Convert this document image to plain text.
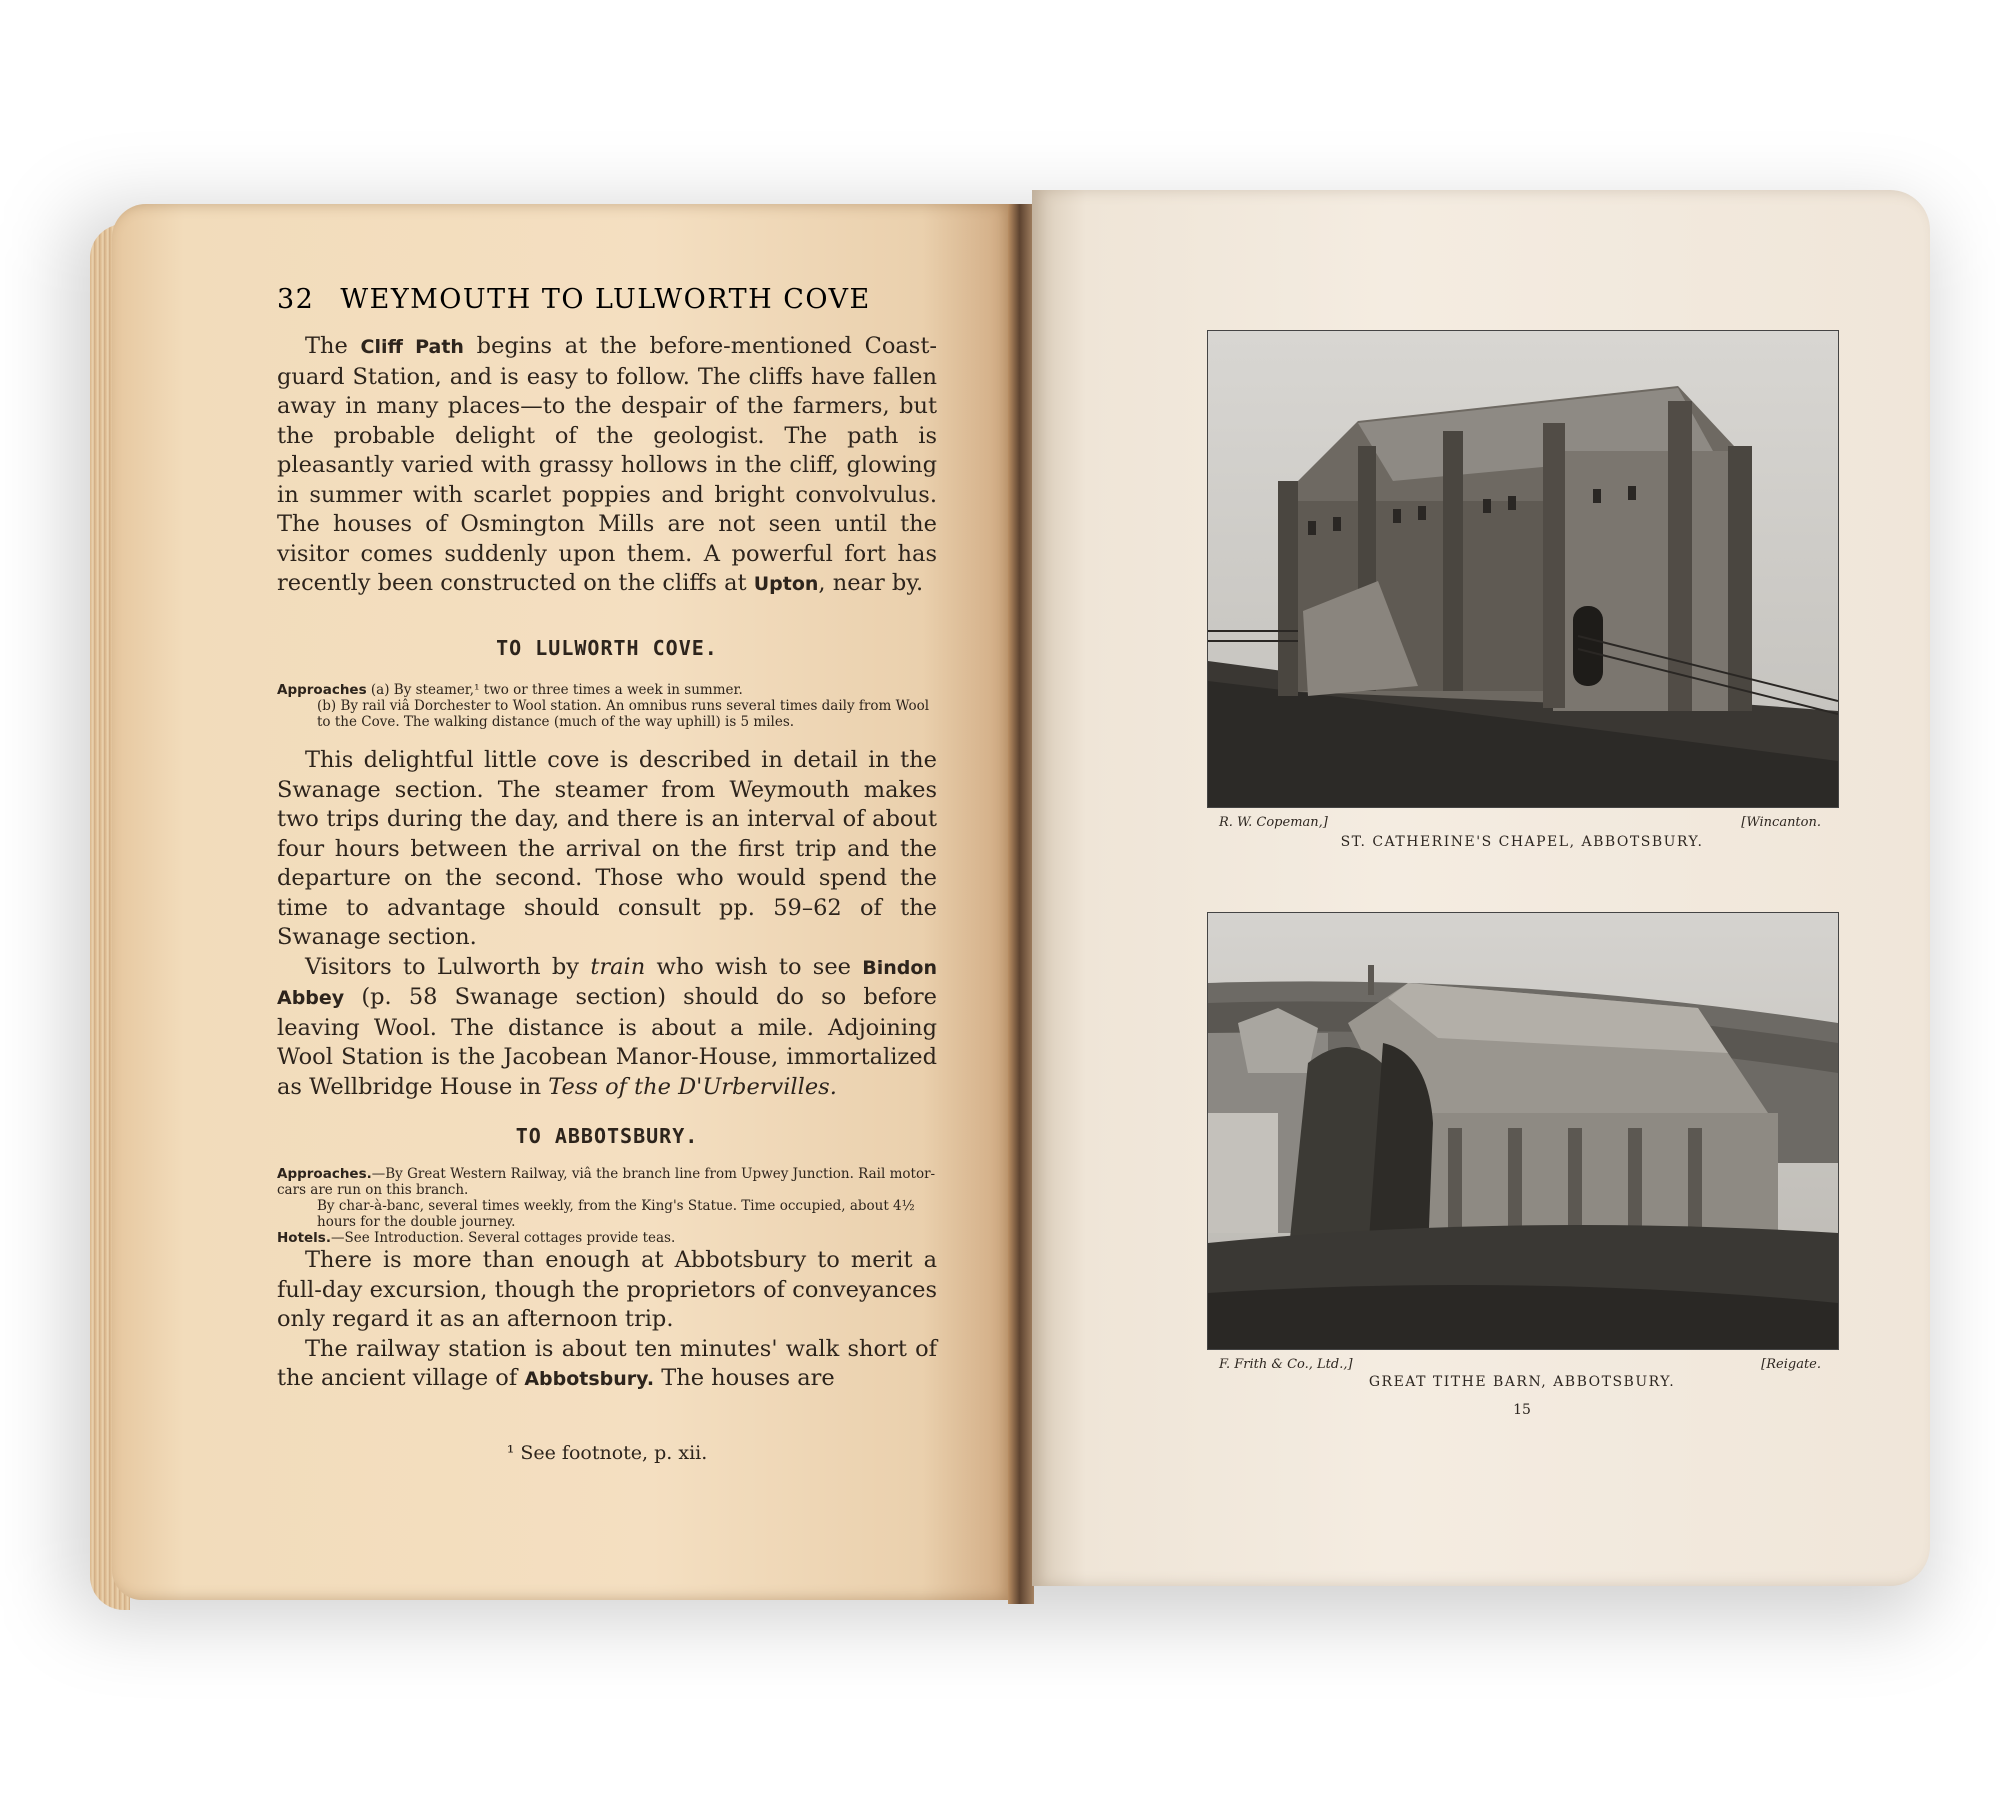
32 WEYMOUTH TO LULWORTH COVE

The Cliff Path begins at the before-mentioned Coast-guard Station, and is easy to follow. The cliffs have fallen away in many places—to the despair of the farmers, but the probable delight of the geologist. The path is pleasantly varied with grassy hollows in the cliff, glowing in summer with scarlet poppies and bright convolvulus. The houses of Osmington Mills are not seen until the visitor comes suddenly upon them. A powerful fort has recently been constructed on the cliffs at Upton, near by.

TO LULWORTH COVE.
Approaches (a) By steamer,¹ two or three times a week in summer.
(b) By rail viâ Dorchester to Wool station. An omnibus runs several times daily from Wool to the Cove. The walking distance (much of the way uphill) is 5 miles.

This delightful little cove is described in detail in the Swanage section. The steamer from Weymouth makes two trips during the day, and there is an interval of about four hours between the arrival on the first trip and the departure on the second. Those who would spend the time to advantage should consult pp. 59–62 of the Swanage section.

Visitors to Lulworth by train who wish to see Bindon Abbey (p. 58 Swanage section) should do so before leaving Wool. The distance is about a mile. Adjoining Wool Station is the Jacobean Manor-House, immortalized as Wellbridge House in Tess of the D'Urbervilles.

TO ABBOTSBURY.
Approaches.—By Great Western Railway, viâ the branch line from Upwey Junction. Rail motor-cars are run on this branch.
By char-à-banc, several times weekly, from the King's Statue. Time occupied, about 4½ hours for the double journey.
Hotels.—See Introduction. Several cottages provide teas.

There is more than enough at Abbotsbury to merit a full-day excursion, though the proprietors of conveyances only regard it as an afternoon trip.

The railway station is about ten minutes' walk short of the ancient village of Abbotsbury. The houses are

¹ See footnote, p. xii.
R. W. Copeman,]	[Wincanton.
ST. CATHERINE'S CHAPEL, ABBOTSBURY.
F. Frith & Co., Ltd.,]	[Reigate.
GREAT TITHE BARN, ABBOTSBURY.
15
